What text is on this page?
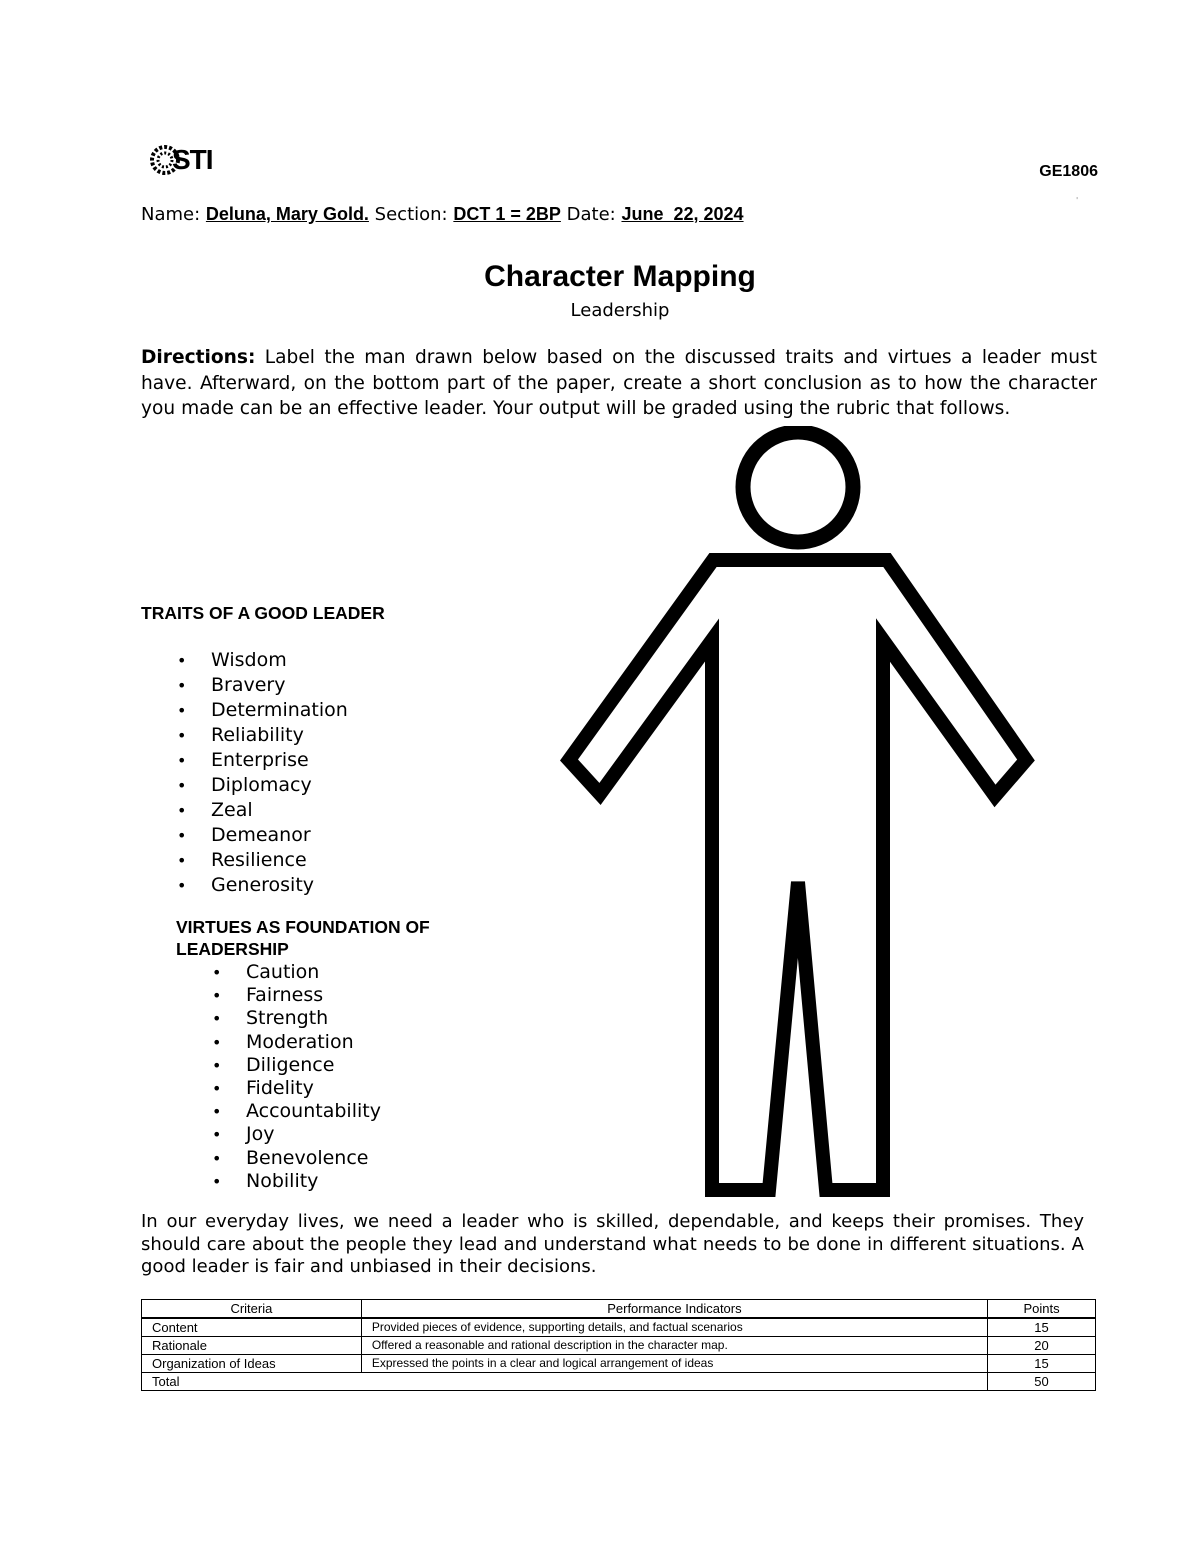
STI	GE1806
'
Name: Deluna, Mary Gold. Section: DCT 1 = 2BP Date: June  22, 2024
Character Mapping
Leadership
Directions: Label the man drawn below based on the discussed traits and virtues a leader must have. Afterward, on the bottom part of the paper, create a short conclusion as to how the character you made can be an effective leader. Your output will be graded using the rubric that follows.
TRAITS OF A GOOD LEADER
• Wisdom
• Bravery
• Determination
• Reliability
• Enterprise
• Diplomacy
• Zeal
• Demeanor
• Resilience
• Generosity
VIRTUES AS FOUNDATION OF LEADERSHIP
• Caution
• Fairness
• Strength
• Moderation
• Diligence
• Fidelity
• Accountability
• Joy
• Benevolence
• Nobility
In our everyday lives, we need a leader who is skilled, dependable, and keeps their promises. They should care about the people they lead and understand what needs to be done in different situations. A good leader is fair and unbiased in their decisions.
Criteria	Performance Indicators	Points
Content	Provided pieces of evidence, supporting details, and factual scenarios	15
Rationale	Offered a reasonable and rational description in the character map.	20
Organization of Ideas	Expressed the points in a clear and logical arrangement of ideas	15
Total		50
